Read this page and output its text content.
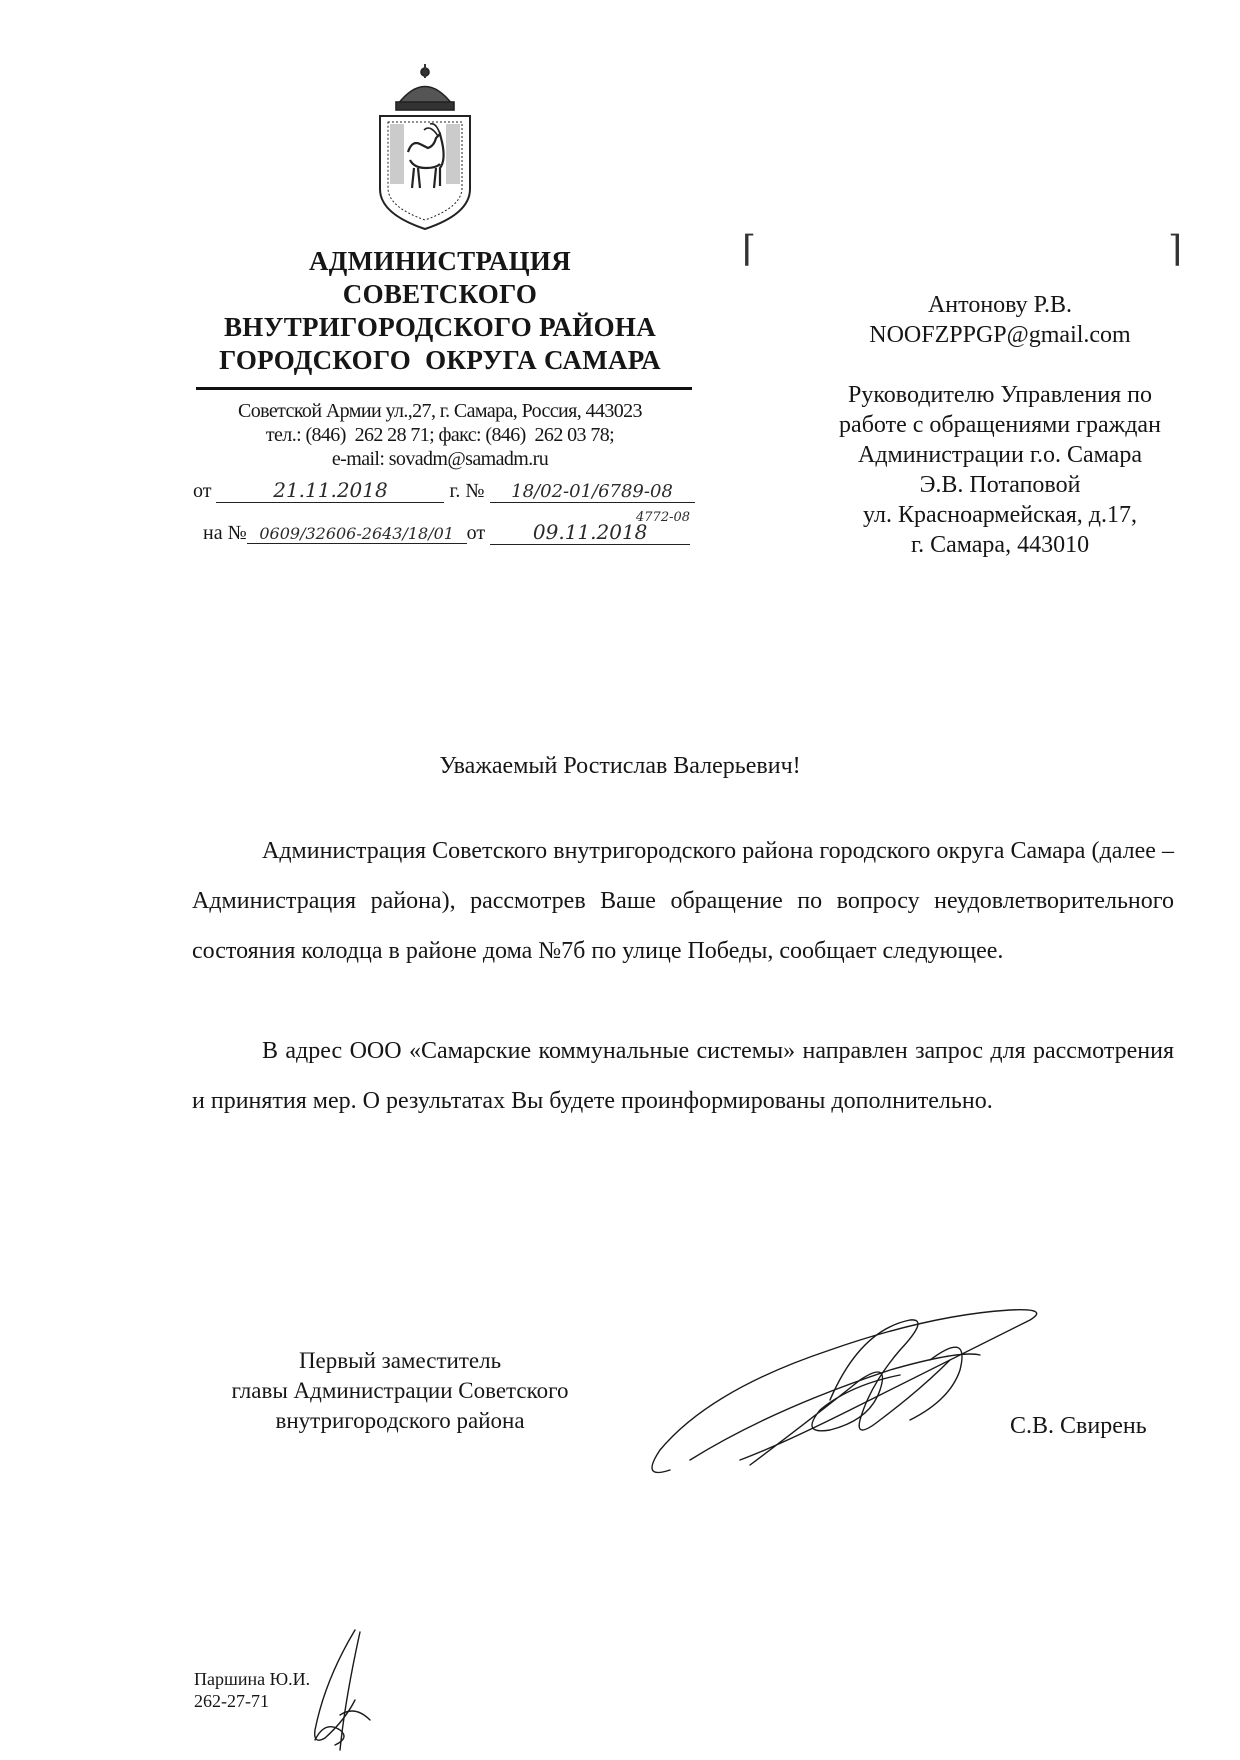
АДМИНИСТРАЦИЯ
СОВЕТСКОГО
ВНУТРИГОРОДСКОГО РАЙОНА
ГОРОДСКОГО  ОКРУГА САМАРА
Советской Армии ул.,27, г. Самара, Россия, 443023
тел.: (846)  262 28 71; факс: (846)  262 03 78;
e-mail: sovadm@samadm.ru
от	21.11.2018	г. № 18/02-01/6789-08
на № 0609/32606-2643/18/01 от 09.11.2018
4772-08
⌈	⌉
Антонову Р.В.
NOOFZPPGP@gmail.com
Руководителю Управления по
работе с обращениями граждан
Администрации г.о. Самара
Э.В. Потаповой
ул. Красноармейская, д.17,
г. Самара, 443010
Уважаемый Ростислав Валерьевич!
Администрация Советского внутригородского района городского округа Самара (далее – Администрация района), рассмотрев Ваше обращение по вопросу неудовлетворительного состояния колодца в районе дома №7б по улице Победы, сообщает следующее.
В адрес ООО «Самарские коммунальные системы» направлен запрос для рассмотрения и принятия мер. О результатах Вы будете проинформированы дополнительно.
Первый заместитель
главы Администрации Советского
внутригородского района	С.В. Свирень
Паршина Ю.И.
262-27-71
